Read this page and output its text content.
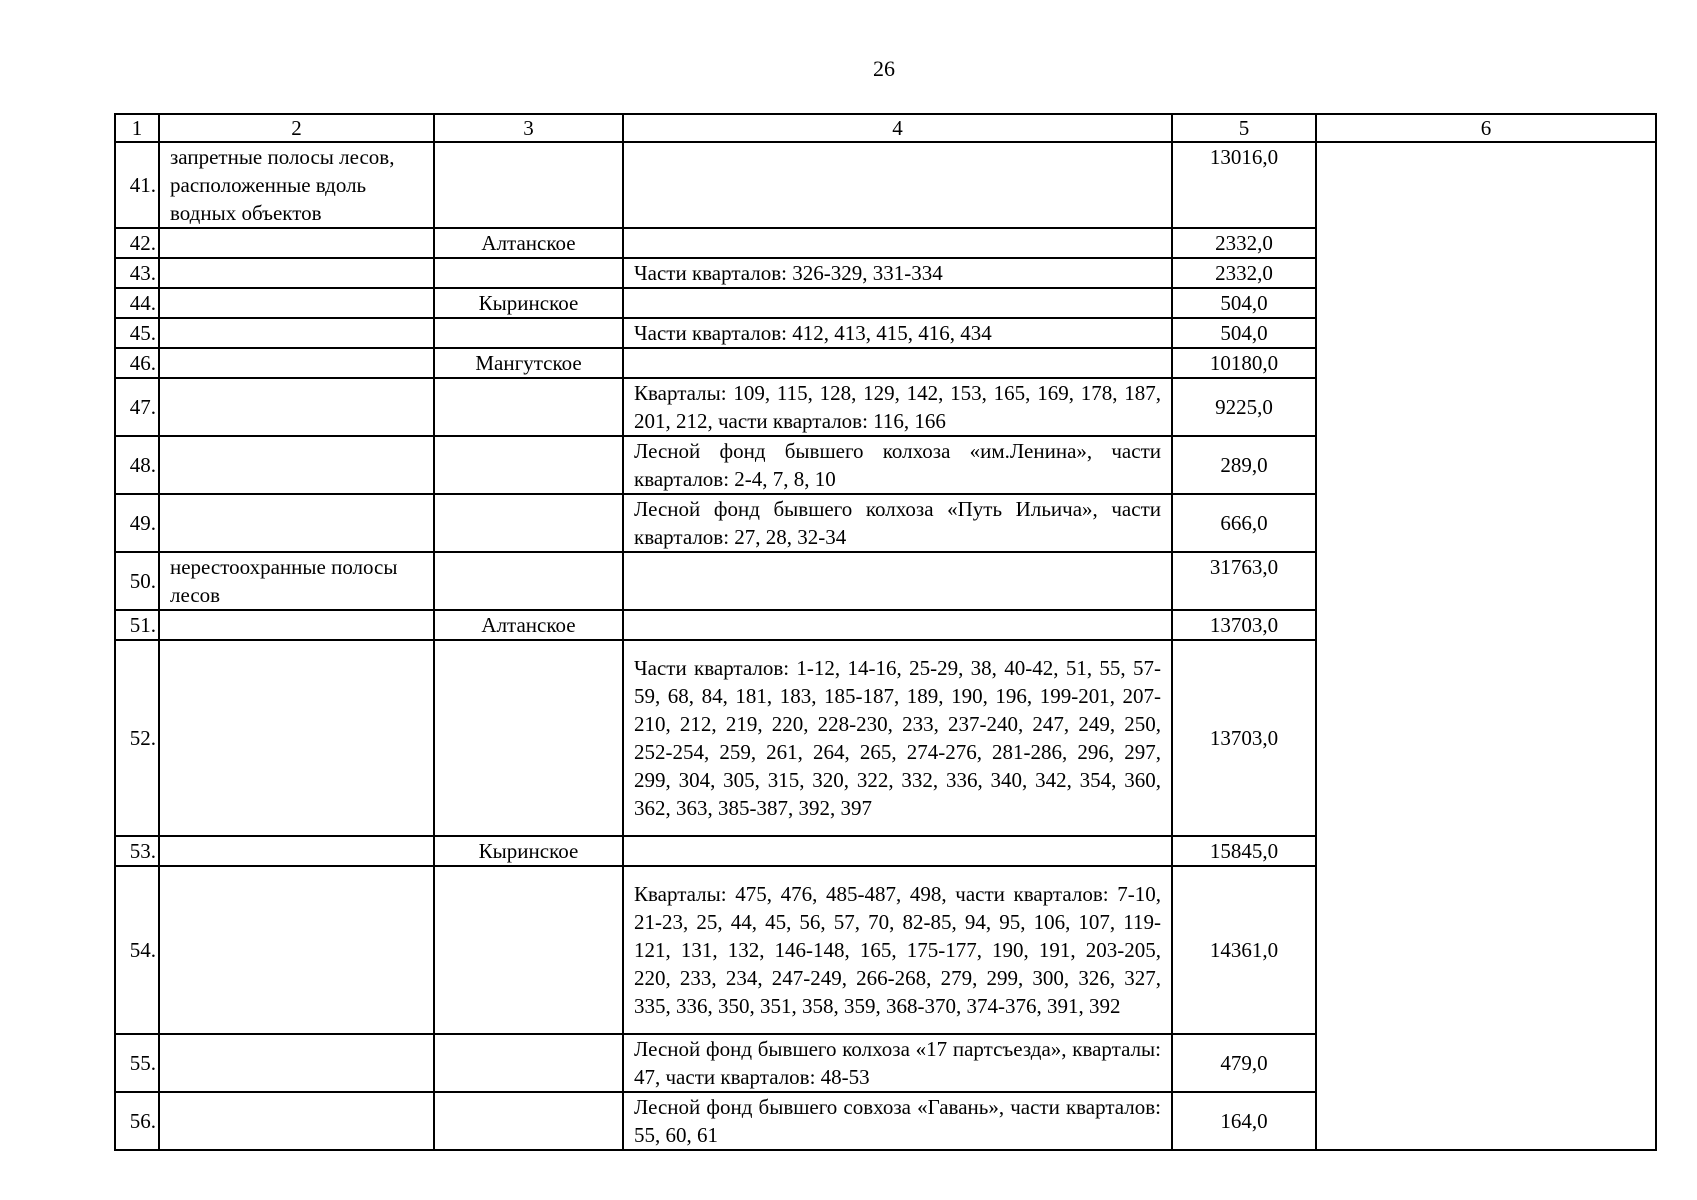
26
1	2	3	4	5	6
41.	запретные полосы лесов, расположенные вдоль водных объектов			13016,0	
42.		Алтанское		2332,0	
43.			Части кварталов: 326-329, 331-334	2332,0	
44.		Кыринское		504,0	
45.			Части кварталов: 412, 413, 415, 416, 434	504,0	
46.		Мангутское		10180,0	
47.			Кварталы: 109, 115, 128, 129, 142, 153, 165, 169, 178, 187, 201, 212, части кварталов: 116, 166	9225,0	
48.			Лесной фонд бывшего колхоза «им.Ленина», части кварталов: 2-4, 7, 8, 10	289,0	
49.			Лесной фонд бывшего колхоза «Путь Ильича», части кварталов: 27, 28, 32-34	666,0	
50.	нерестоохранные полосы лесов			31763,0	
51.		Алтанское		13703,0	
52.			Части кварталов: 1-12, 14-16, 25-29, 38, 40-42, 51, 55, 57-59, 68, 84, 181, 183, 185-187, 189, 190, 196, 199-201, 207-210, 212, 219, 220, 228-230, 233, 237-240, 247, 249, 250, 252-254, 259, 261, 264, 265, 274-276, 281-286, 296, 297, 299, 304, 305, 315, 320, 322, 332, 336, 340, 342, 354, 360, 362, 363, 385-387, 392, 397	13703,0	
53.		Кыринское		15845,0	
54.			Кварталы: 475, 476, 485-487, 498, части кварталов: 7-10, 21-23, 25, 44, 45, 56, 57, 70, 82-85, 94, 95, 106, 107, 119-121, 131, 132, 146-148, 165, 175-177, 190, 191, 203-205, 220, 233, 234, 247-249, 266-268, 279, 299, 300, 326, 327, 335, 336, 350, 351, 358, 359, 368-370, 374-376, 391, 392	14361,0	
55.			Лесной фонд бывшего колхоза «17 партсъезда», кварталы: 47, части кварталов: 48-53	479,0	
56.			Лесной фонд бывшего совхоза «Гавань», части кварталов: 55, 60, 61	164,0	
